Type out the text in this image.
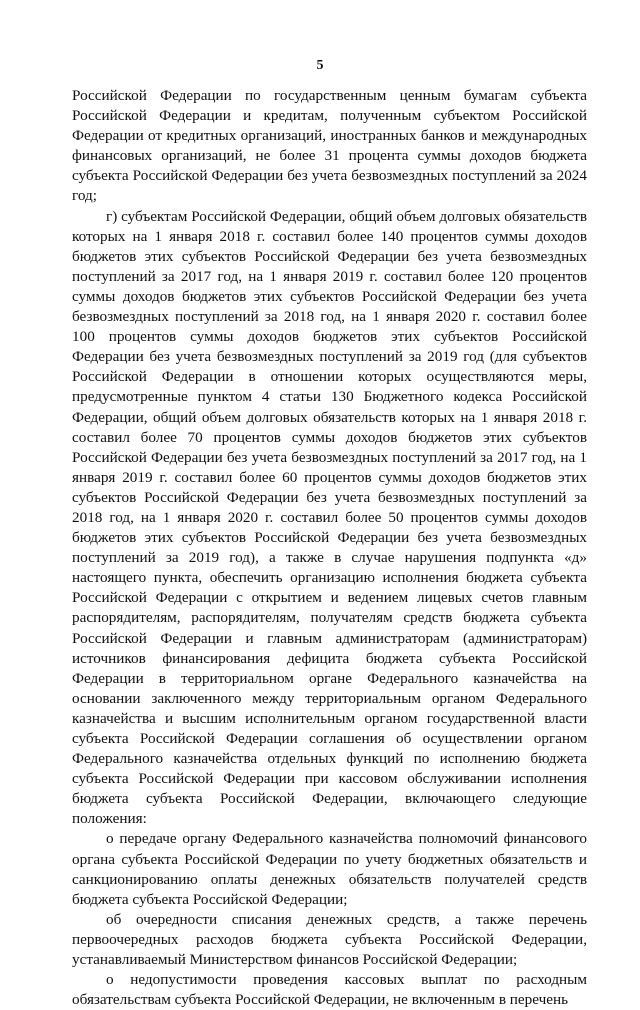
5

Российской Федерации по государственным ценным бумагам субъекта Российской Федерации и кредитам, полученным субъектом Российской Федерации от кредитных организаций, иностранных банков и международных финансовых организаций, не более 31 процента суммы доходов бюджета субъекта Российской Федерации без учета безвозмездных поступлений за 2024 год;

г) субъектам Российской Федерации, общий объем долговых обязательств которых на 1 января 2018 г. составил более 140 процентов суммы доходов бюджетов этих субъектов Российской Федерации без учета безвозмездных поступлений за 2017 год, на 1 января 2019 г. составил более 120 процентов суммы доходов бюджетов этих субъектов Российской Федерации без учета безвозмездных поступлений за 2018 год, на 1 января 2020 г. составил более 100 процентов суммы доходов бюджетов этих субъектов Российской Федерации без учета безвозмездных поступлений за 2019 год (для субъектов Российской Федерации в отношении которых осуществляются меры, предусмотренные пунктом 4 статьи 130 Бюджетного кодекса Российской Федерации, общий объем долговых обязательств которых на 1 января 2018 г. составил более 70 процентов суммы доходов бюджетов этих субъектов Российской Федерации без учета безвозмездных поступлений за 2017 год, на 1 января 2019 г. составил более 60 процентов суммы доходов бюджетов этих субъектов Российской Федерации без учета безвозмездных поступлений за 2018 год, на 1 января 2020 г. составил более 50 процентов суммы доходов бюджетов этих субъектов Российской Федерации без учета безвозмездных поступлений за 2019 год), а также в случае нарушения подпункта «д» настоящего пункта, обеспечить организацию исполнения бюджета субъекта Российской Федерации с открытием и ведением лицевых счетов главным распорядителям, распорядителям, получателям средств бюджета субъекта Российской Федерации и главным администраторам (администраторам) источников финансирования дефицита бюджета субъекта Российской Федерации в территориальном органе Федерального казначейства на основании заключенного между территориальным органом Федерального казначейства и высшим исполнительным органом государственной власти субъекта Российской Федерации соглашения об осуществлении органом Федерального казначейства отдельных функций по исполнению бюджета субъекта Российской Федерации при кассовом обслуживании исполнения бюджета субъекта Российской Федерации, включающего следующие положения:

о передаче органу Федерального казначейства полномочий финансового органа субъекта Российской Федерации по учету бюджетных обязательств и санкционированию оплаты денежных обязательств получателей средств бюджета субъекта Российской Федерации;

об очередности списания денежных средств, а также перечень первоочередных расходов бюджета субъекта Российской Федерации, устанавливаемый Министерством финансов Российской Федерации;

о недопустимости проведения кассовых выплат по расходным обязательствам субъекта Российской Федерации, не включенным в перечень
